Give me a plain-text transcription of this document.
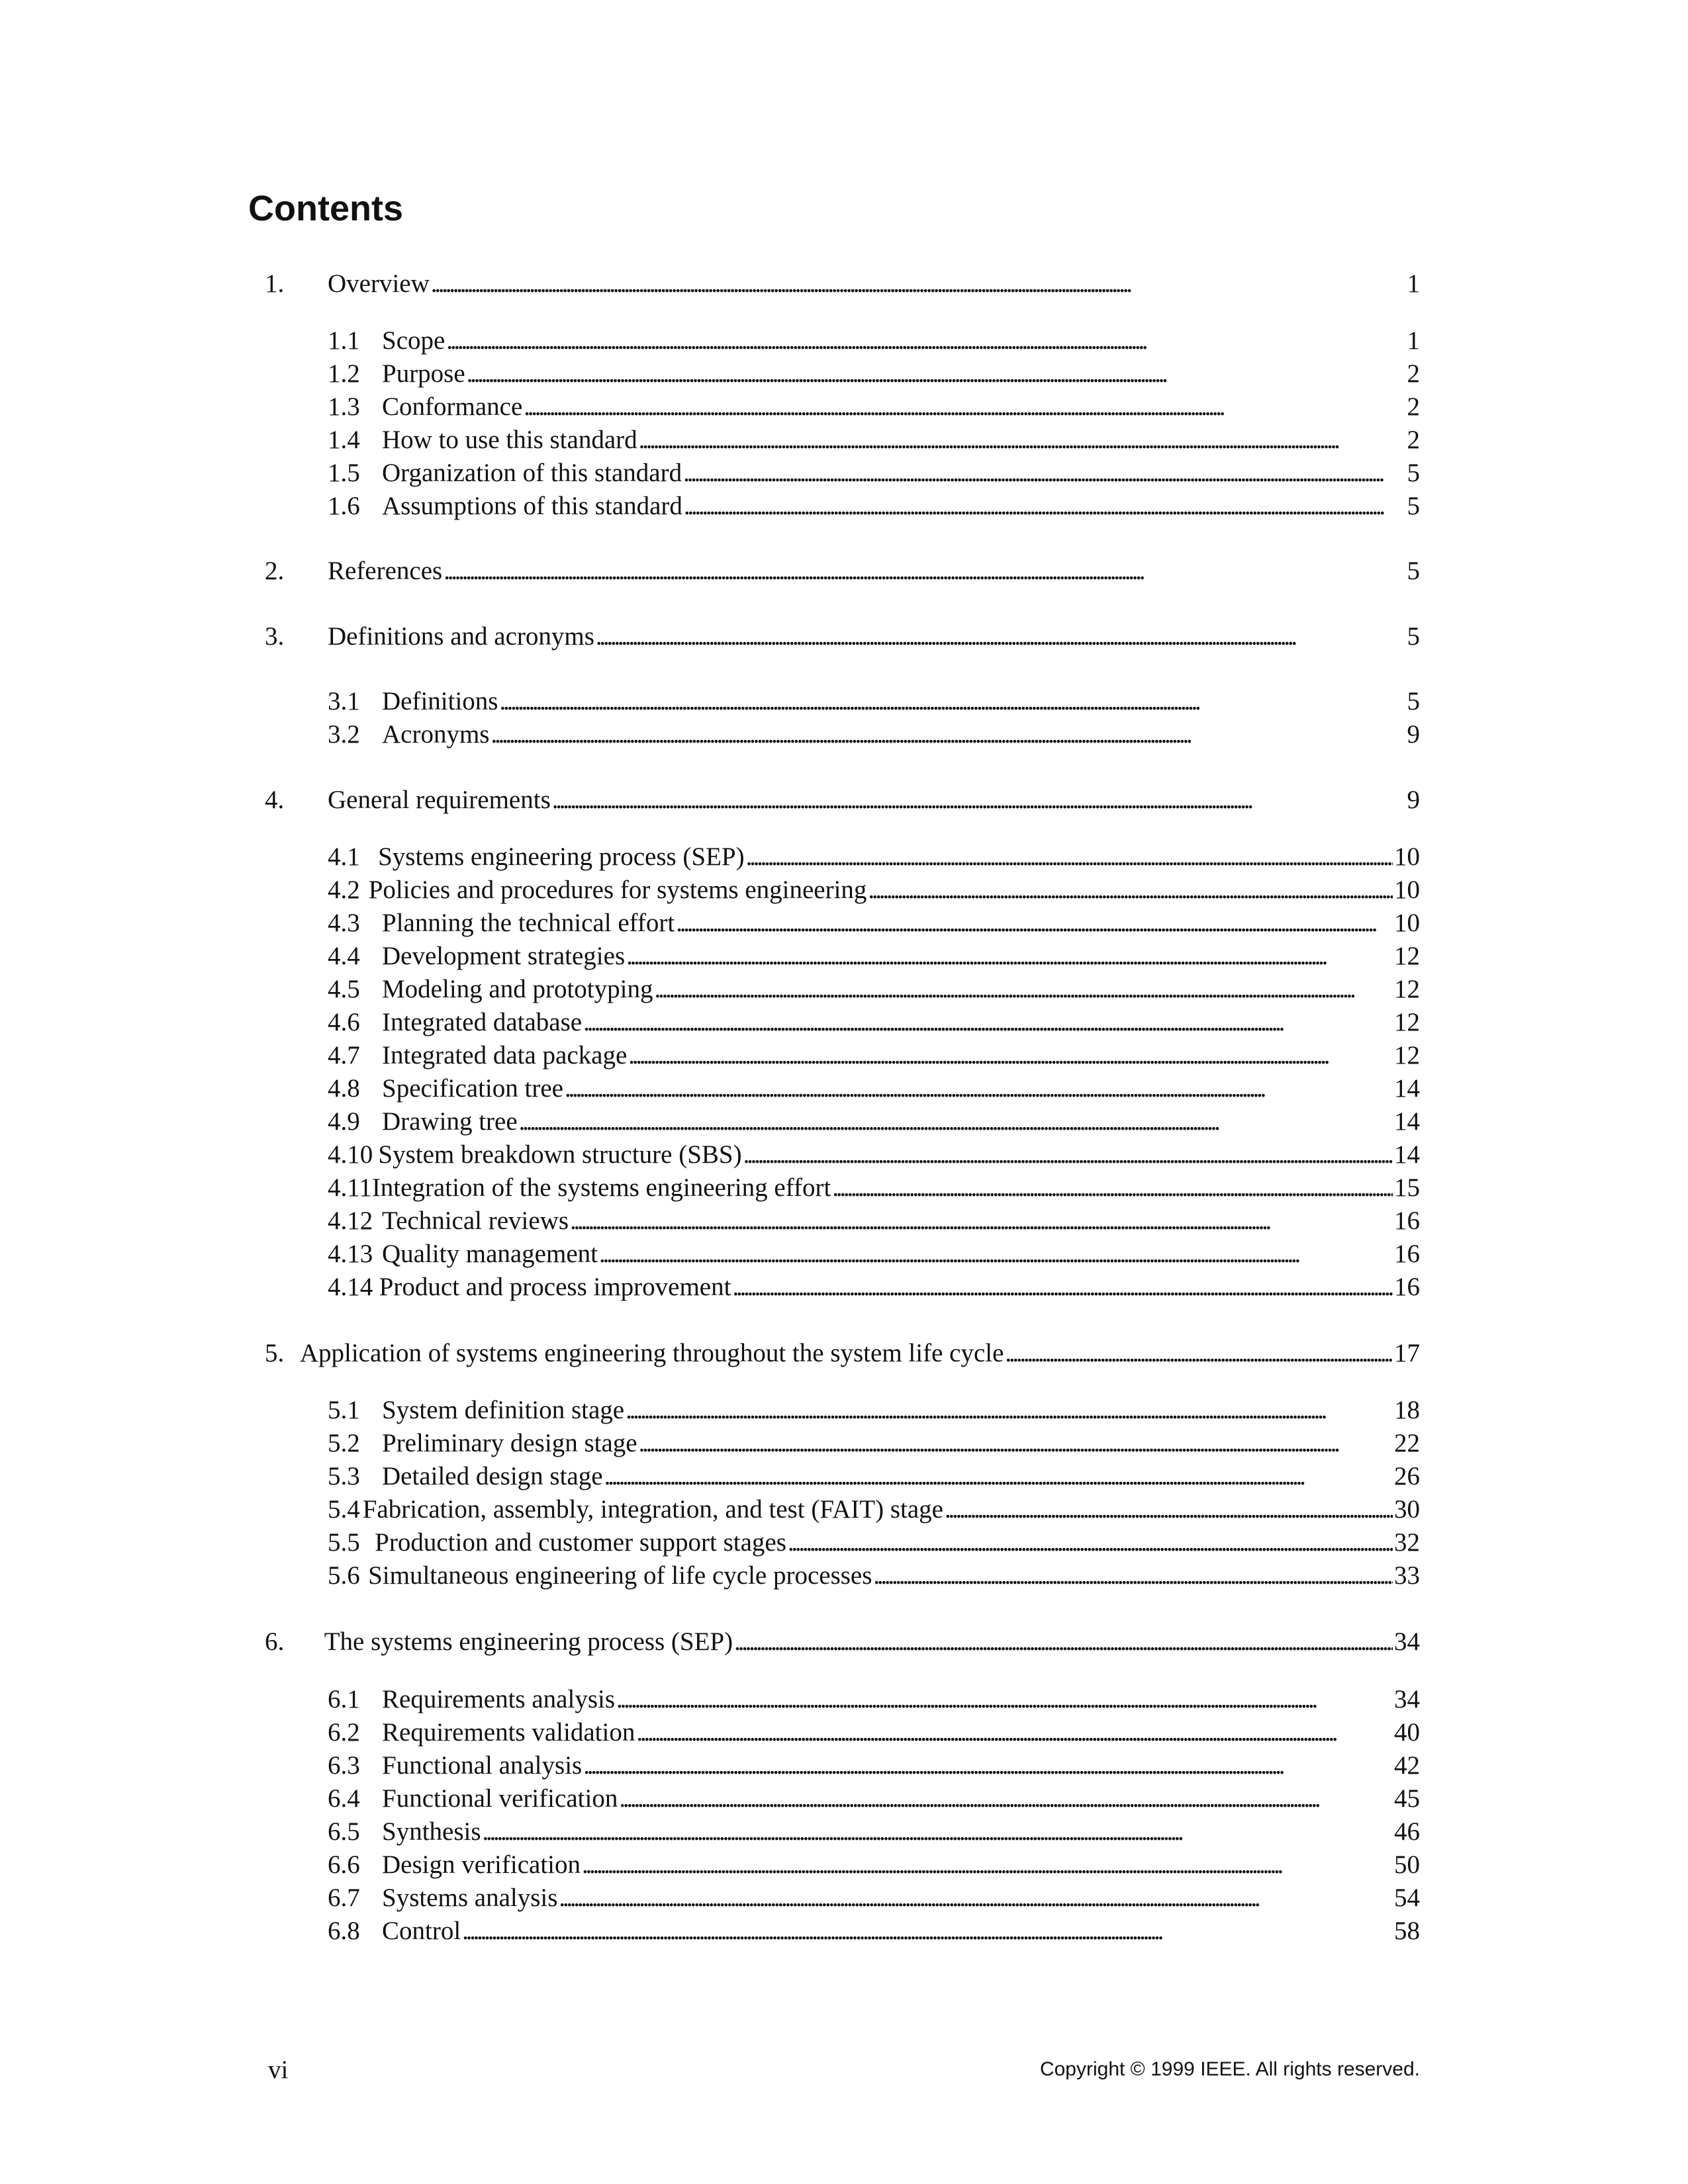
Contents
1.	Overview . . .	1
1.1 Scope . . .	1
1.2 Purpose . . .	2
1.3 Conformance . . .	2
1.4 How to use this standard . . .	2
1.5 Organization of this standard . . .	5
1.6 Assumptions of this standard . . .	5
2.	References . . .	5
3.	Definitions and acronyms . . .	5
3.1 Definitions . . .	5
3.2 Acronyms . . .	9
4.	General requirements . . .	9
4.1 Systems engineering process (SEP) . . .	10
4.2 Policies and procedures for systems engineering . . .	10
4.3 Planning the technical effort . . .	10
4.4 Development strategies . . .	12
4.5 Modeling and prototyping . . .	12
4.6 Integrated database . . .	12
4.7 Integrated data package . . .	12
4.8 Specification tree . . .	14
4.9 Drawing tree . . .	14
4.10 System breakdown structure (SBS) . . .	14
4.11 Integration of the systems engineering effort . . .	15
4.12 Technical reviews . . .	16
4.13 Quality management . . .	16
4.14 Product and process improvement . . .	16
5. Application of systems engineering throughout the system life cycle . . .	17
5.1 System definition stage . . .	18
5.2 Preliminary design stage . . .	22
5.3 Detailed design stage . . .	26
5.4 Fabrication, assembly, integration, and test (FAIT) stage . . .	30
5.5 Production and customer support stages . . .	32
5.6 Simultaneous engineering of life cycle processes . . .	33
6.	The systems engineering process (SEP) . . .	34
6.1 Requirements analysis . . .	34
6.2 Requirements validation . . .	40
6.3 Functional analysis . . .	42
6.4 Functional verification . . .	45
6.5 Synthesis . . .	46
6.6 Design verification . . .	50
6.7 Systems analysis . . .	54
6.8 Control . . .	58
vi	Copyright © 1999 IEEE. All rights reserved.
